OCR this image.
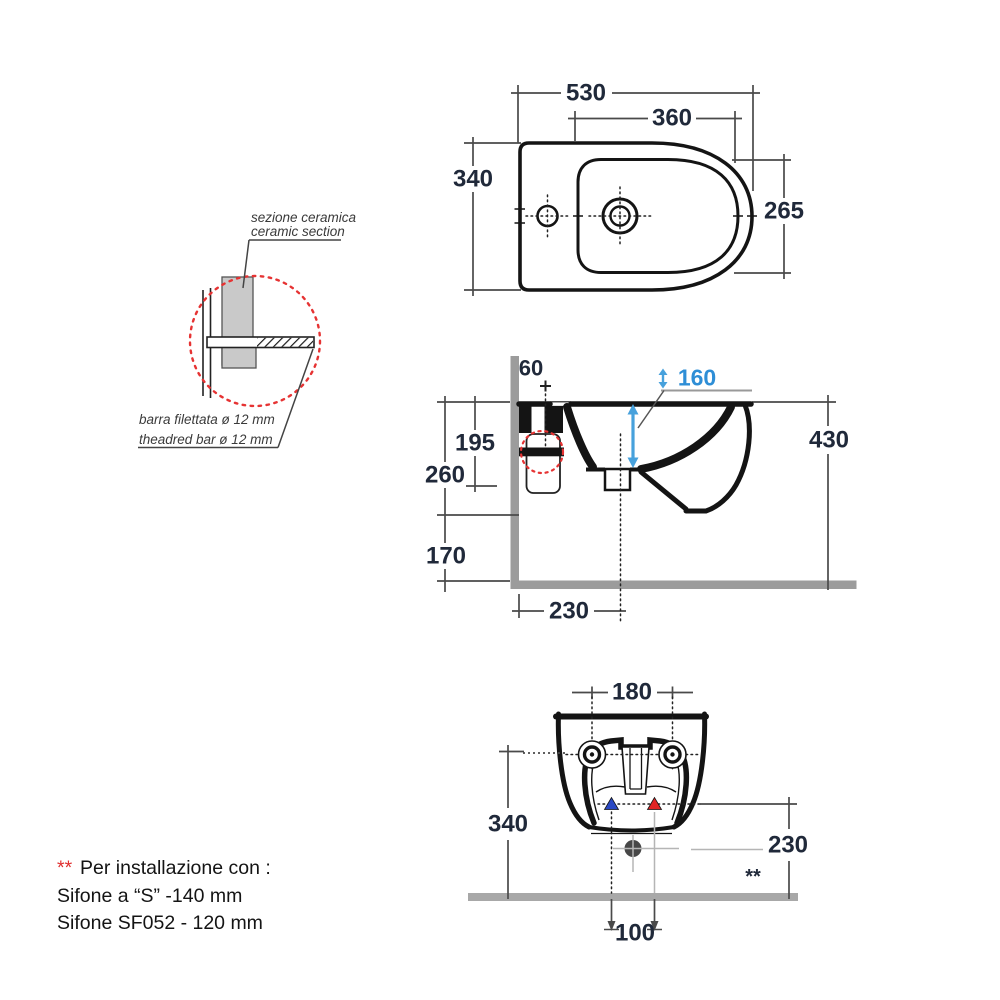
530
360
340
265
sezione ceramica
ceramic section
barra filettata ø 12 mm
theadred bar ø 12 mm
160
60
195
260
430
170
230
180
340
230
**
100
** Per installazione con :
Sifone a “S” -140 mm
Sifone SF052 - 120 mm
